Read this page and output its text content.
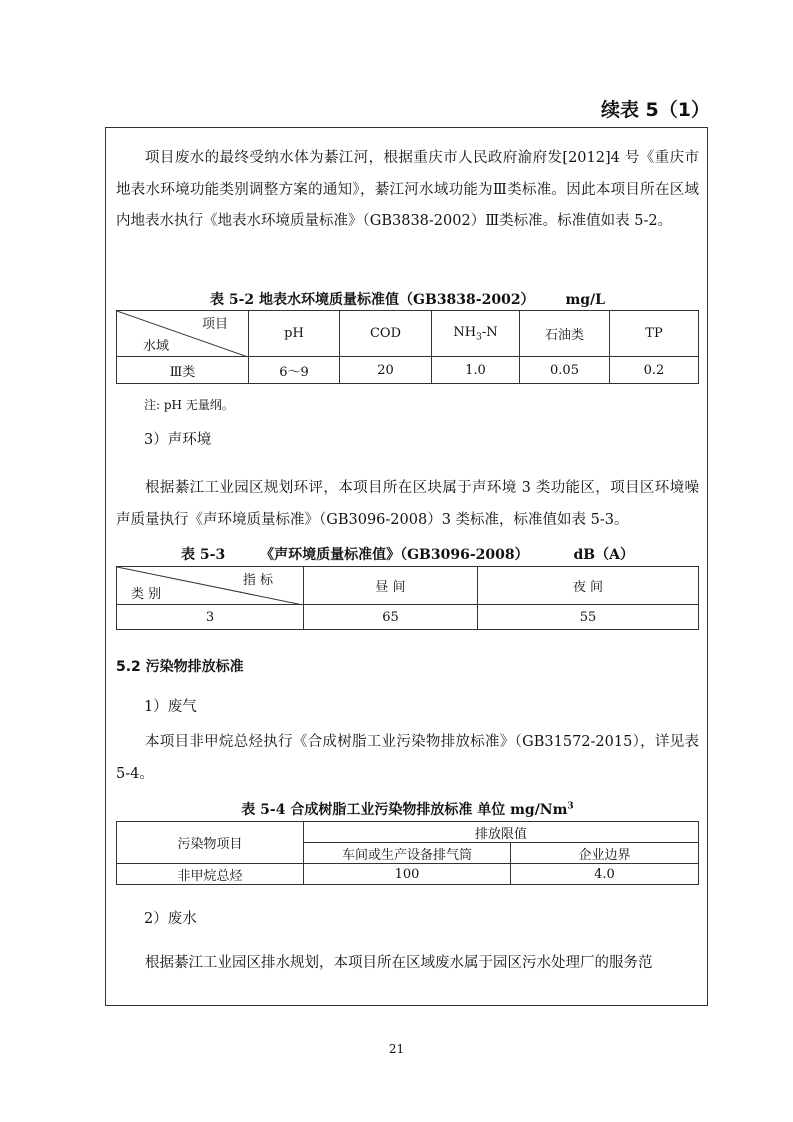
续表 5（1）

项目废水的最终受纳水体为綦江河，根据重庆市人民政府渝府发[2012]4 号《重庆市地表水环境功能类别调整方案的通知》，綦江河水域功能为Ⅲ类标准。因此本项目所在区域内地表水执行《地表水环境质量标准》（GB3838-2002）Ⅲ类标准。标准值如表 5-2。

表 5-2 地表水环境质量标准值（GB3838-2002） mg/L
项目
水域	pH	COD	$NH_3-N$	石油类	TP
Ⅲ类	6～9	20	1.0	0.05	0.2
注: pH 无量纲。

3）声环境

根据綦江工业园区规划环评，本项目所在区块属于声环境 3 类功能区，项目区环境噪声质量执行《声环境质量标准》（GB3096-2008）3 类标准，标准值如表 5-3。

表 5-3 《声环境质量标准值》（GB3096-2008）	dB（A）
指 标
类 别	昼 间	夜 间
3	65	55
5.2 污染物排放标准

1）废气

本项目非甲烷总烃执行《合成树脂工业污染物排放标准》（GB31572-2015），详见表 5-4。

表 5-4 合成树脂工业污染物排放标准 单位 mg/Nm$^3$
污染物项目	排放限值	
	车间或生产设备排气筒	企业边界
非甲烷总烃	100	4.0

2）废水

根据綦江工业园区排水规划，本项目所在区域废水属于园区污水处理厂的服务范

21
